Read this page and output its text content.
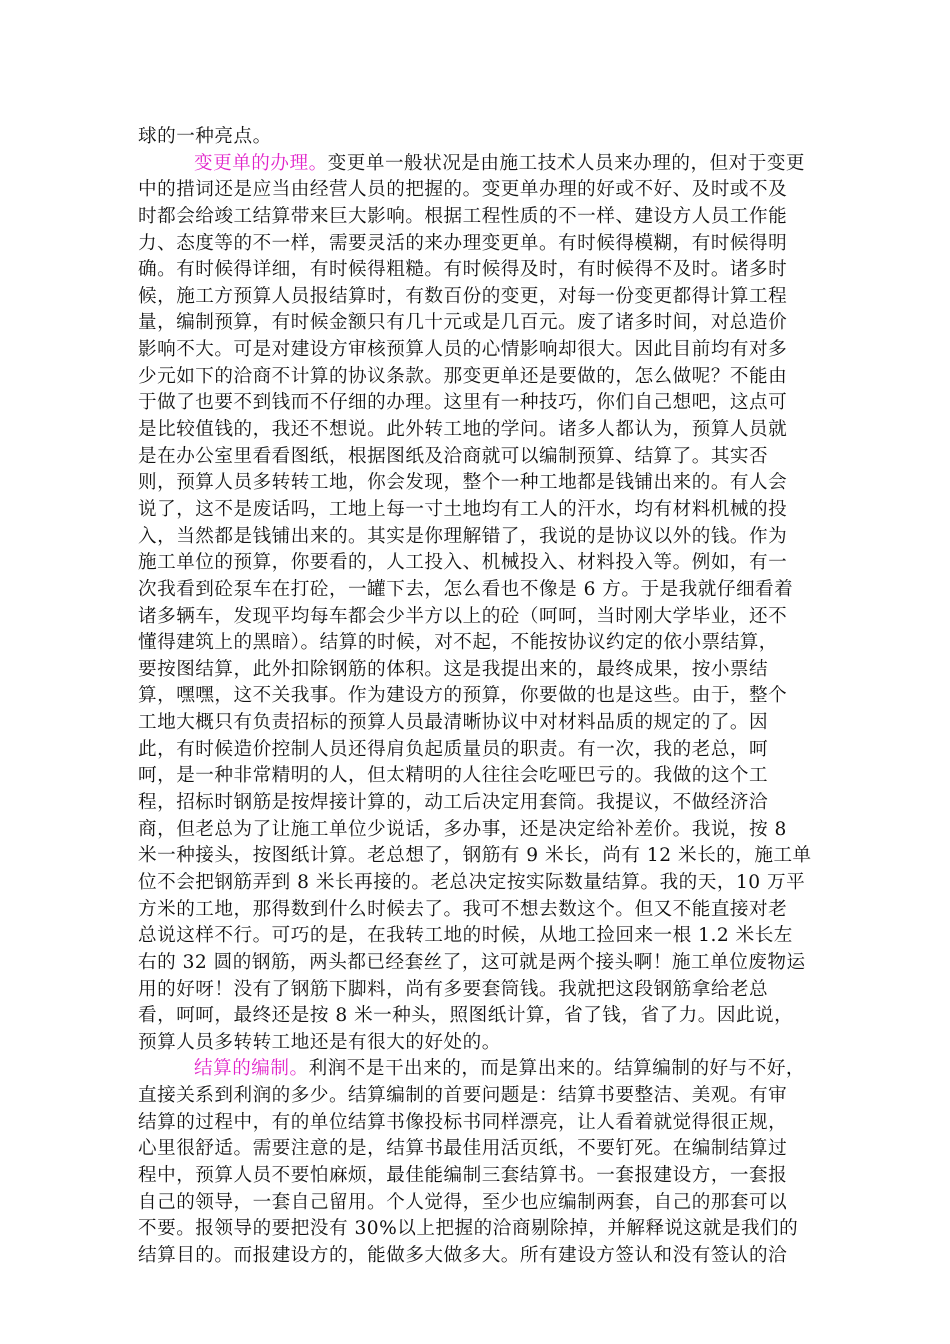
球的一种亮点。
变更单的办理。变更单一般状况是由施工技术人员来办理的，但对于变更
中的措词还是应当由经营人员的把握的。变更单办理的好或不好、及时或不及
时都会给竣工结算带来巨大影响。根据工程性质的不一样、建设方人员工作能
力、态度等的不一样，需要灵活的来办理变更单。有时候得模糊，有时候得明
确。有时候得详细，有时候得粗糙。有时候得及时，有时候得不及时。诸多时
候，施工方预算人员报结算时，有数百份的变更，对每一份变更都得计算工程
量，编制预算，有时候金额只有几十元或是几百元。废了诸多时间，对总造价
影响不大。可是对建设方审核预算人员的心情影响却很大。因此目前均有对多
少元如下的洽商不计算的协议条款。那变更单还是要做的，怎么做呢？不能由
于做了也要不到钱而不仔细的办理。这里有一种技巧，你们自己想吧，这点可
是比较值钱的，我还不想说。此外转工地的学问。诸多人都认为，预算人员就
是在办公室里看看图纸，根据图纸及洽商就可以编制预算、结算了。其实否
则，预算人员多转转工地，你会发现，整个一种工地都是钱铺出来的。有人会
说了，这不是废话吗，工地上每一寸土地均有工人的汗水，均有材料机械的投
入，当然都是钱铺出来的。其实是你理解错了，我说的是协议以外的钱。作为
施工单位的预算，你要看的，人工投入、机械投入、材料投入等。例如，有一
次我看到砼泵车在打砼，一罐下去，怎么看也不像是 6 方。于是我就仔细看着
诸多辆车，发现平均每车都会少半方以上的砼（呵呵，当时刚大学毕业，还不
懂得建筑上的黑暗）。结算的时候，对不起，不能按协议约定的依小票结算，
要按图结算，此外扣除钢筋的体积。这是我提出来的，最终成果，按小票结
算，嘿嘿，这不关我事。作为建设方的预算，你要做的也是这些。由于，整个
工地大概只有负责招标的预算人员最清晰协议中对材料品质的规定的了。因
此，有时候造价控制人员还得肩负起质量员的职责。有一次，我的老总，呵
呵，是一种非常精明的人，但太精明的人往往会吃哑巴亏的。我做的这个工
程，招标时钢筋是按焊接计算的，动工后决定用套筒。我提议，不做经济洽
商，但老总为了让施工单位少说话，多办事，还是决定给补差价。我说，按 8
米一种接头，按图纸计算。老总想了，钢筋有 9 米长，尚有 12 米长的，施工单
位不会把钢筋弄到 8 米长再接的。老总决定按实际数量结算。我的天，10 万平
方米的工地，那得数到什么时候去了。我可不想去数这个。但又不能直接对老
总说这样不行。可巧的是，在我转工地的时候，从地工捡回来一根 1.2 米长左
右的 32 圆的钢筋，两头都已经套丝了，这可就是两个接头啊！施工单位废物运
用的好呀！没有了钢筋下脚料，尚有多要套筒钱。我就把这段钢筋拿给老总
看，呵呵，最终还是按 8 米一种头，照图纸计算，省了钱，省了力。因此说，
预算人员多转转工地还是有很大的好处的。
结算的编制。利润不是干出来的，而是算出来的。结算编制的好与不好，
直接关系到利润的多少。结算编制的首要问题是：结算书要整洁、美观。有审
结算的过程中，有的单位结算书像投标书同样漂亮，让人看着就觉得很正规，
心里很舒适。需要注意的是，结算书最佳用活页纸，不要钉死。在编制结算过
程中，预算人员不要怕麻烦，最佳能编制三套结算书。一套报建设方，一套报
自己的领导，一套自己留用。个人觉得，至少也应编制两套，自己的那套可以
不要。报领导的要把没有 30%以上把握的洽商剔除掉，并解释说这就是我们的
结算目的。而报建设方的，能做多大做多大。所有建设方签认和没有签认的洽
